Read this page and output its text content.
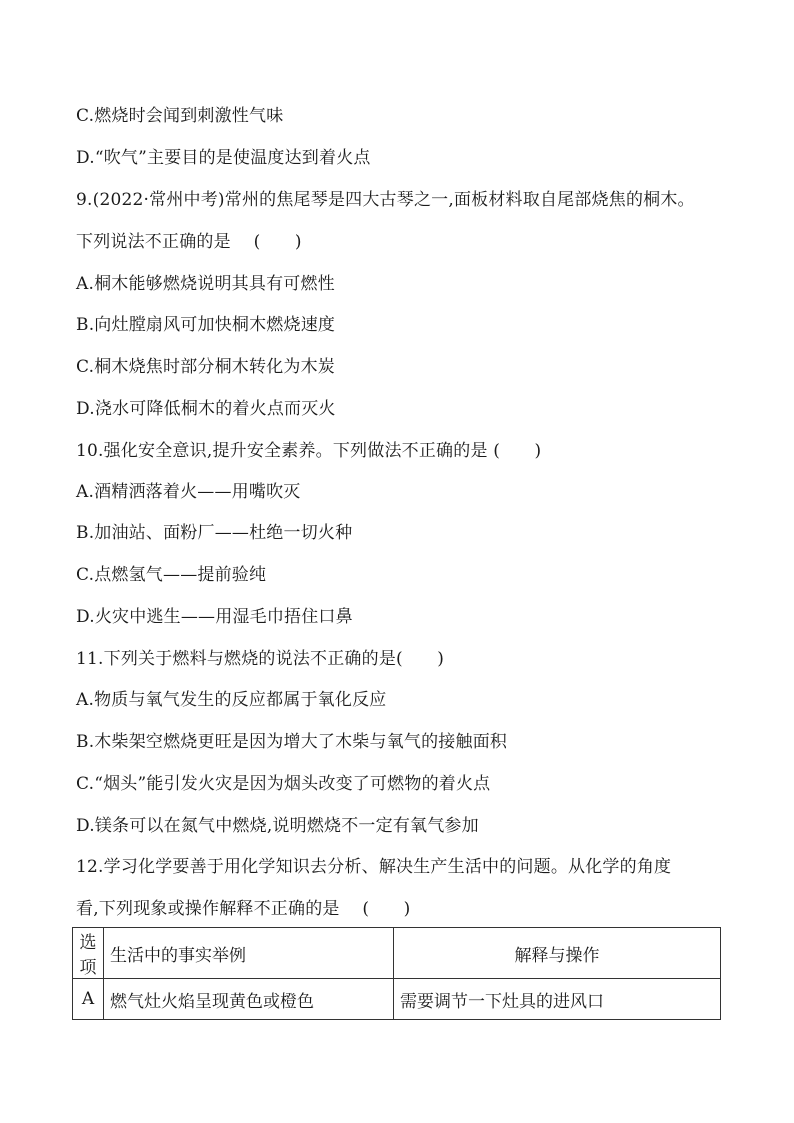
C.燃烧时会闻到刺激性气味
D.“吹气”主要目的是使温度达到着火点
9.(2022·常州中考)常州的焦尾琴是四大古琴之一,面板材料取自尾部烧焦的桐木。
下列说法不正确的是　 (　　)
A.桐木能够燃烧说明其具有可燃性
B.向灶膛扇风可加快桐木燃烧速度
C.桐木烧焦时部分桐木转化为木炭
D.浇水可降低桐木的着火点而灭火
10.强化安全意识,提升安全素养。下列做法不正确的是 (　　)
A.酒精洒落着火——用嘴吹灭
B.加油站、面粉厂——杜绝一切火种
C.点燃氢气——提前验纯
D.火灾中逃生——用湿毛巾捂住口鼻
11.下列关于燃料与燃烧的说法不正确的是(　　)
A.物质与氧气发生的反应都属于氧化反应
B.木柴架空燃烧更旺是因为增大了木柴与氧气的接触面积
C.“烟头”能引发火灾是因为烟头改变了可燃物的着火点
D.镁条可以在氮气中燃烧,说明燃烧不一定有氧气参加
12.学习化学要善于用化学知识去分析、解决生产生活中的问题。从化学的角度
看,下列现象或操作解释不正确的是　 (　　)
选项	生活中的事实举例	解释与操作
A	燃气灶火焰呈现黄色或橙色	需要调节一下灶具的进风口
